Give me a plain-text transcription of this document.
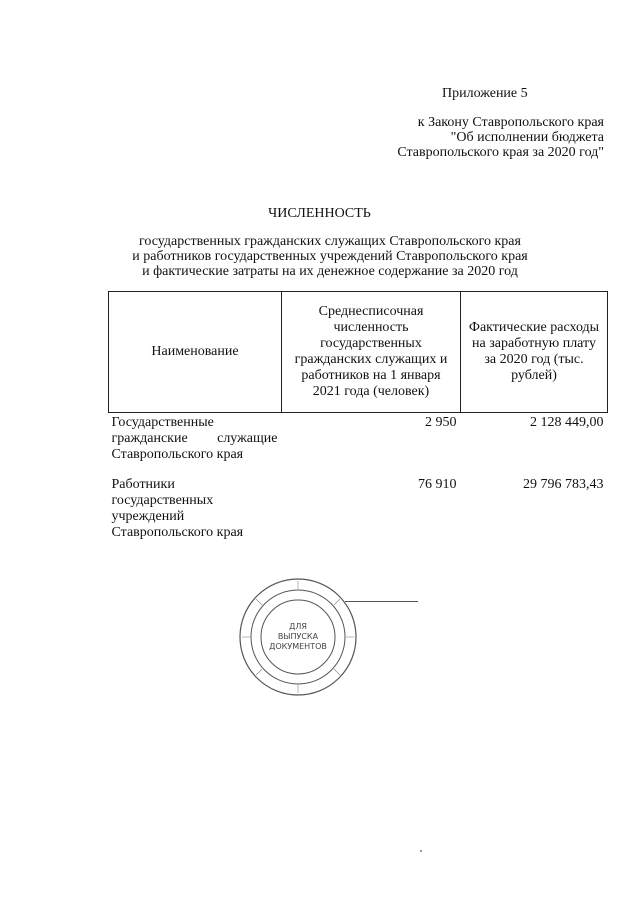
Приложение 5
к Закону Ставропольского края
"Об исполнении бюджета
Ставропольского края за 2020 год"
ЧИСЛЕННОСТЬ
государственных гражданских служащих Ставропольского края
и работников государственных учреждений Ставропольского края
и фактические затраты на их денежное содержание за 2020 год
Наименование	Среднесписочная численность государственных гражданских служащих и работников на 1 января 2021 года (человек)	Фактические расходы на заработную плату за 2020 год (тыс. рублей)
Государственные гражданские служащие Ставропольского края	2 950	2 128 449,00
Работники государственных учреждений Ставропольского края	76 910	29 796 783,43
ДЛЯ
ВЫПУСКА
ДОКУМЕНТОВ
